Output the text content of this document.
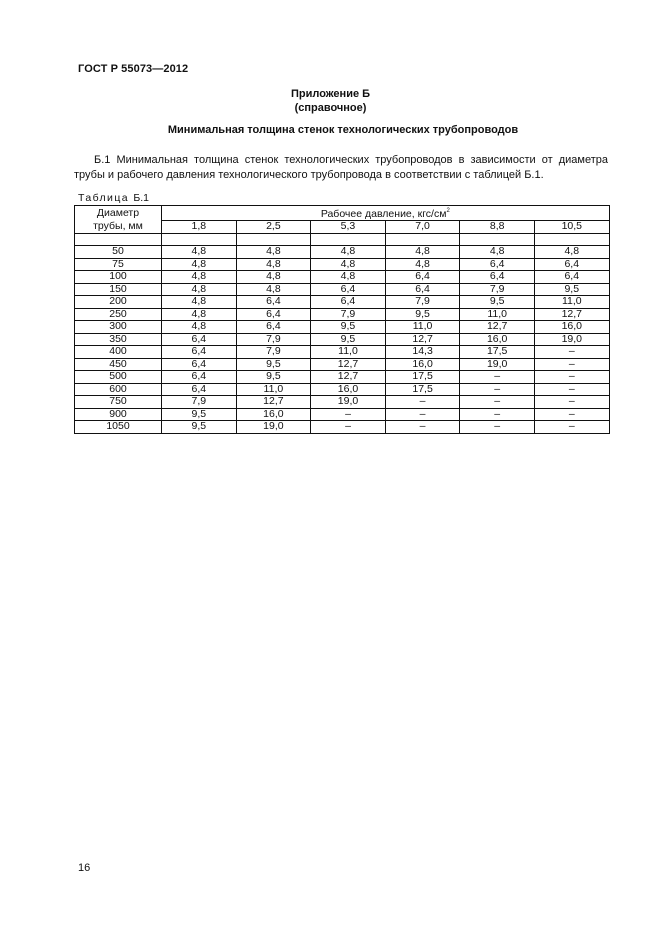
ГОСТ Р 55073—2012
Приложение Б
(справочное)
Минимальная толщина стенок технологических трубопроводов
Б.1 Минимальная толщина стенок технологических трубопроводов в зависимости от диаметра трубы и рабочего давления технологического трубопровода в соответствии с таблицей Б.1.
Таблица Б.1
Диаметр	Рабочее давление, кгс/$см^2$
трубы, мм	1,8	2,5	5,3	7,0	8,8	10,5

50	4,8	4,8	4,8	4,8	4,8	4,8
75	4,8	4,8	4,8	4,8	6,4	6,4
100	4,8	4,8	4,8	6,4	6,4	6,4
150	4,8	4,8	6,4	6,4	7,9	9,5
200	4,8	6,4	6,4	7,9	9,5	11,0
250	4,8	6,4	7,9	9,5	11,0	12,7
300	4,8	6,4	9,5	11,0	12,7	16,0
350	6,4	7,9	9,5	12,7	16,0	19,0
400	6,4	7,9	11,0	14,3	17,5	–
450	6,4	9,5	12,7	16,0	19,0	–
500	6,4	9,5	12,7	17,5	–	–
600	6,4	11,0	16,0	17,5	–	–
750	7,9	12,7	19,0	–	–	–
900	9,5	16,0	–	–	–	–
1050	9,5	19,0	–	–	–	–
16
